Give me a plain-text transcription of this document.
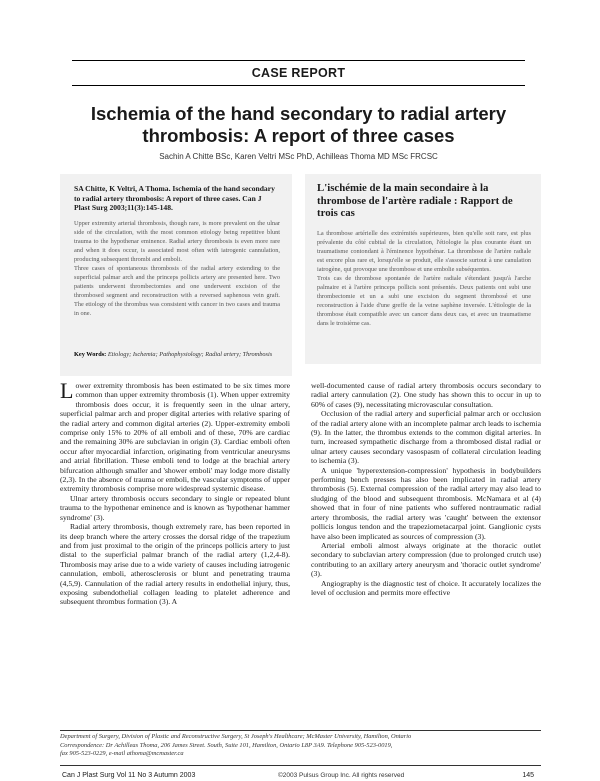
CASE REPORT
Ischemia of the hand secondary to radial artery thrombosis: A report of three cases
Sachin A Chitte BSc, Karen Veltri MSc PhD, Achilleas Thoma MD MSc FRCSC
SA Chitte, K Veltri, A Thoma. Ischemia of the hand secondary to radial artery thrombosis: A report of three cases. Can J Plast Surg 2003;11(3):145-148.

Upper extremity arterial thrombosis, though rare, is more prevalent on the ulnar side of the circulation, with the most common etiology being repetitive blunt trauma to the hypothenar eminence. Radial artery thrombosis is even more rare and when it does occur, is associated most often with iatrogenic cannulation, producing subsequent thrombi and emboli.

Three cases of spontaneous thrombosis of the radial artery extending to the superficial palmar arch and the princeps pollicis artery are presented here. Two patients underwent thrombectomies and one underwent excision of the thrombosed segment and reconstruction with a reversed saphenous vein graft. The etiology of the thrombus was consistent with cancer in two cases and trauma in one.

Key Words: Etiology; Ischemia; Pathophysiology; Radial artery; Thrombosis
L'ischémie de la main secondaire à la thrombose de l'artère radiale : Rapport de trois cas

La thrombose artérielle des extrémités supérieures, bien qu'elle soit rare, est plus prévalente du côté cubital de la circulation, l'étiologie la plus courante étant un traumatisme contondant à l'éminence hypothénar. La thrombose de l'artère radiale est encore plus rare et, lorsqu'elle se produit, elle s'associe surtout à une canulation iatrogène, qui provoque une thrombose et une embolie subséquentes.

Trois cas de thrombose spontanée de l'artère radiale s'étendant jusqu'à l'arche palmaire et à l'artère princeps pollicis sont présentés. Deux patients ont subi une thrombectomie et un a subi une excision du segment thrombosé et une reconstruction à l'aide d'une greffe de la veine saphène inversée. L'étiologie de la thrombose était compatible avec un cancer dans deux cas, et avec un traumatisme dans le troisième cas.

Lower extremity thrombosis has been estimated to be six times more common than upper extremity thrombosis (1). When upper extremity thrombosis does occur, it is frequently seen in the ulnar artery, superficial palmar arch and proper digital arteries with relative sparing of the radial artery and common digital arteries (2). Upper-extremity emboli comprise only 15% to 20% of all emboli and of these, 70% are cardiac and the remaining 30% are subclavian in origin (3). Cardiac emboli often occur after myocardial infarction, originating from ventricular aneurysms and atrial fibrillation. These emboli tend to lodge at the brachial artery bifurcation although smaller and 'shower emboli' may lodge more distally (2,3). In the absence of trauma or emboli, the vascular symptoms of upper extremity thrombosis comprise more widespread systemic disease.

Ulnar artery thrombosis occurs secondary to single or repeated blunt trauma to the hypothenar eminence and is known as 'hypothenar hammer syndrome' (3).

Radial artery thrombosis, though extremely rare, has been reported in its deep branch where the artery crosses the dorsal ridge of the trapezium and from just proximal to the origin of the princeps pollicis artery to just distal to the superficial palmar branch of the radial artery (1,2,4-8). Thrombosis may arise due to a wide variety of causes including iatrogenic cannulation, emboli, atherosclerosis or blunt and penetrating trauma (4,5,9). Cannulation of the radial artery results in endothelial injury, thus, exposing subendothelial collagen leading to platelet adherence and subsequent thrombus formation (3). A

well-documented cause of radial artery thrombosis occurs secondary to radial artery cannulation (2). One study has shown this to occur in up to 60% of cases (9), necessitating microvascular consultation.

Occlusion of the radial artery and superficial palmar arch or occlusion of the radial artery alone with an incomplete palmar arch leads to ischemia (9). In the latter, the thrombus extends to the common digital arteries. In turn, increased sympathetic discharge from a thrombosed distal radial or ulnar artery causes secondary vasospasm of collateral circulation leading to ischemia (3).

A unique 'hyperextension-compression' hypothesis in bodybuilders performing bench presses has also been implicated in radial artery thrombosis (5). External compression of the radial artery may also lead to sludging of the blood and subsequent thrombosis. McNamara et al (4) showed that in four of nine patients who suffered nontraumatic radial artery thrombosis, the radial artery was 'caught' between the extensor pollicis longus tendon and the trapeziometacarpal joint. Ganglionic cysts have also been implicated as sources of compression (3).

Arterial emboli almost always originate at the thoracic outlet secondary to subclavian artery compression (due to prolonged crutch use) contributing to an axillary artery aneurysm and 'thoracic outlet syndrome' (3).

Angiography is the diagnostic test of choice. It accurately localizes the level of occlusion and permits more effective

Department of Surgery, Division of Plastic and Reconstructive Surgery, St Joseph's Healthcare; McMaster University, Hamilton, Ontario
Correspondence: Dr Achilleas Thoma, 206 James Street. South, Suite 101, Hamilton, Ontario L8P 3A9. Telephone 905-523-0019,
fax 905-523-0229, e-mail athoma@mcmaster.ca
Can J Plast Surg Vol 11 No 3 Autumn 2003	©2003 Pulsus Group Inc. All rights reserved	145
